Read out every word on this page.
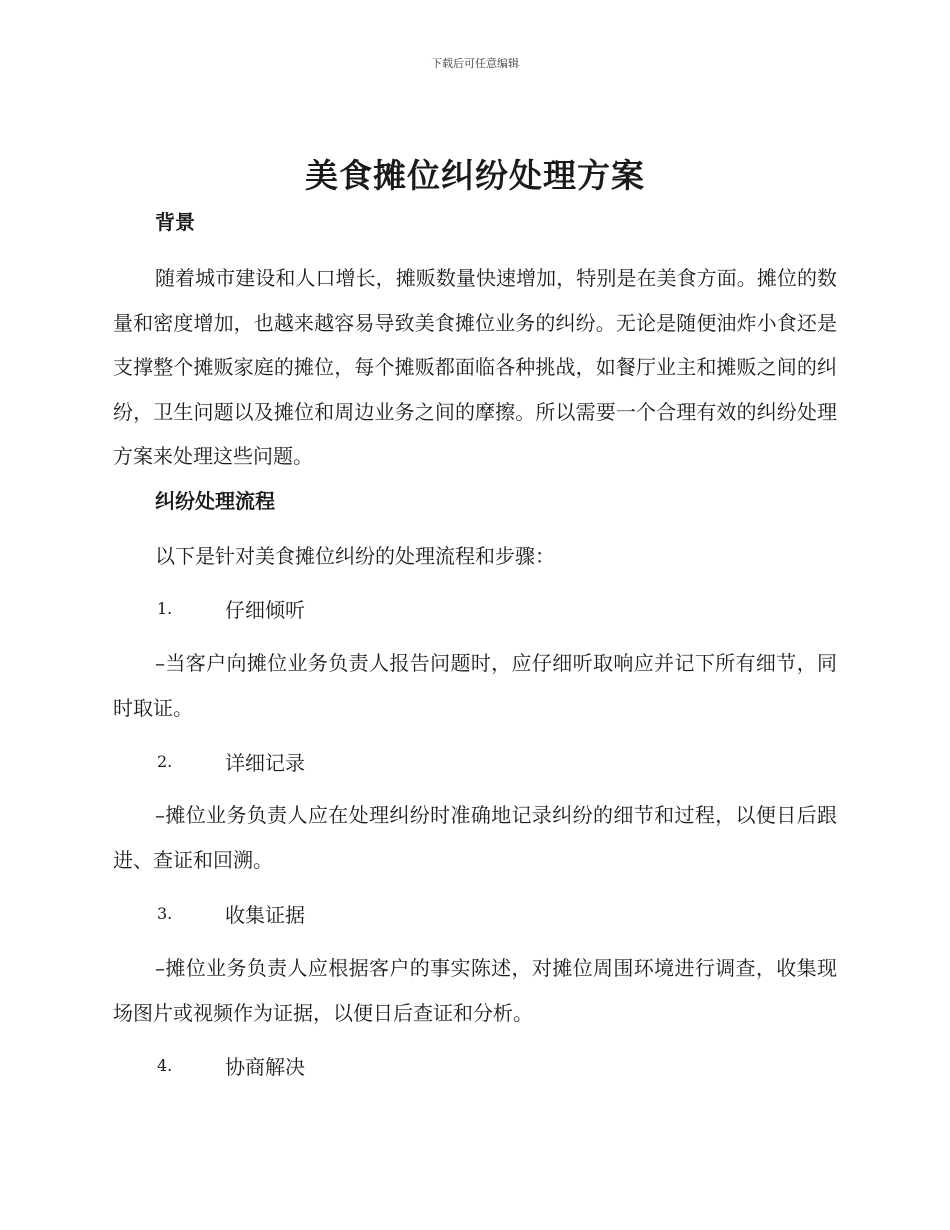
下载后可任意编辑
美食摊位纠纷处理方案
背景

随着城市建设和人口增长，摊贩数量快速增加，特别是在美食方面。摊位的数量和密度增加，也越来越容易导致美食摊位业务的纠纷。无论是随便油炸小食还是支撑整个摊贩家庭的摊位，每个摊贩都面临各种挑战，如餐厅业主和摊贩之间的纠纷，卫生问题以及摊位和周边业务之间的摩擦。所以需要一个合理有效的纠纷处理方案来处理这些问题。

纠纷处理流程
以下是针对美食摊位纠纷的处理流程和步骤：
1.	仔细倾听

–当客户向摊位业务负责人报告问题时，应仔细听取响应并记下所有细节，同时取证。

2.	详细记录

–摊位业务负责人应在处理纠纷时准确地记录纠纷的细节和过程，以便日后跟进、查证和回溯。

3.	收集证据

–摊位业务负责人应根据客户的事实陈述，对摊位周围环境进行调查，收集现场图片或视频作为证据，以便日后查证和分析。

4.	协商解决
